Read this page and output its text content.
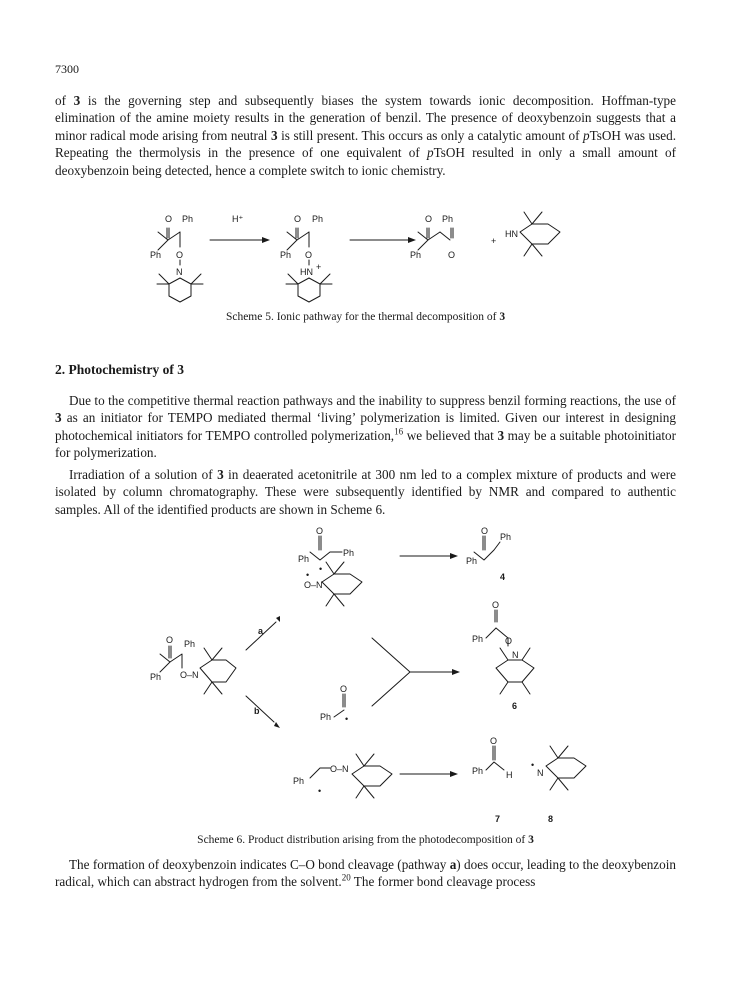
7300

of 3 is the governing step and subsequently biases the system towards ionic decomposition. Hoffman-type elimination of the amine moiety results in the generation of benzil. The presence of deoxybenzoin suggests that a minor radical mode arising from neutral 3 is still present. This occurs as only a catalytic amount of pTsOH was used. Repeating the thermolysis in the presence of one equivalent of pTsOH resulted in only a small amount of deoxybenzoin being detected, hence a complete switch to ionic chemistry.

O Ph
Ph O
N
H⁺	O Ph
Ph O
HN +
O Ph
Ph	O
+
HN
Scheme 5. Ionic pathway for the thermal decomposition of 3
2. Photochemistry of 3

Due to the competitive thermal reaction pathways and the inability to suppress benzil forming reactions, the use of 3 as an initiator for TEMPO mediated thermal ‘living’ polymerization is limited. Given our interest in designing photochemical initiators for TEMPO controlled polymerization,$^{16}$ we believed that 3 may be a suitable photoinitiator for polymerization.

Irradiation of a solution of 3 in deaerated acetonitrile at 300 nm led to a complex mixture of products and were isolated by column chromatography. These were subsequently identified by NMR and compared to authentic samples. All of the identified products are shown in Scheme 6.

O
Ph
Ph
•
O
Ph
Ph
4
•
O–N
O Ph
Ph O–N
a
b
O
Ph •
O
Ph O
N
6
Ph
O–N
•
O
Ph	H
•
N
7	8
Scheme 6. Product distribution arising from the photodecomposition of 3

The formation of deoxybenzoin indicates C–O bond cleavage (pathway a) does occur, leading to the deoxybenzoin radical, which can abstract hydrogen from the solvent.$^{20}$ The former bond cleavage process
